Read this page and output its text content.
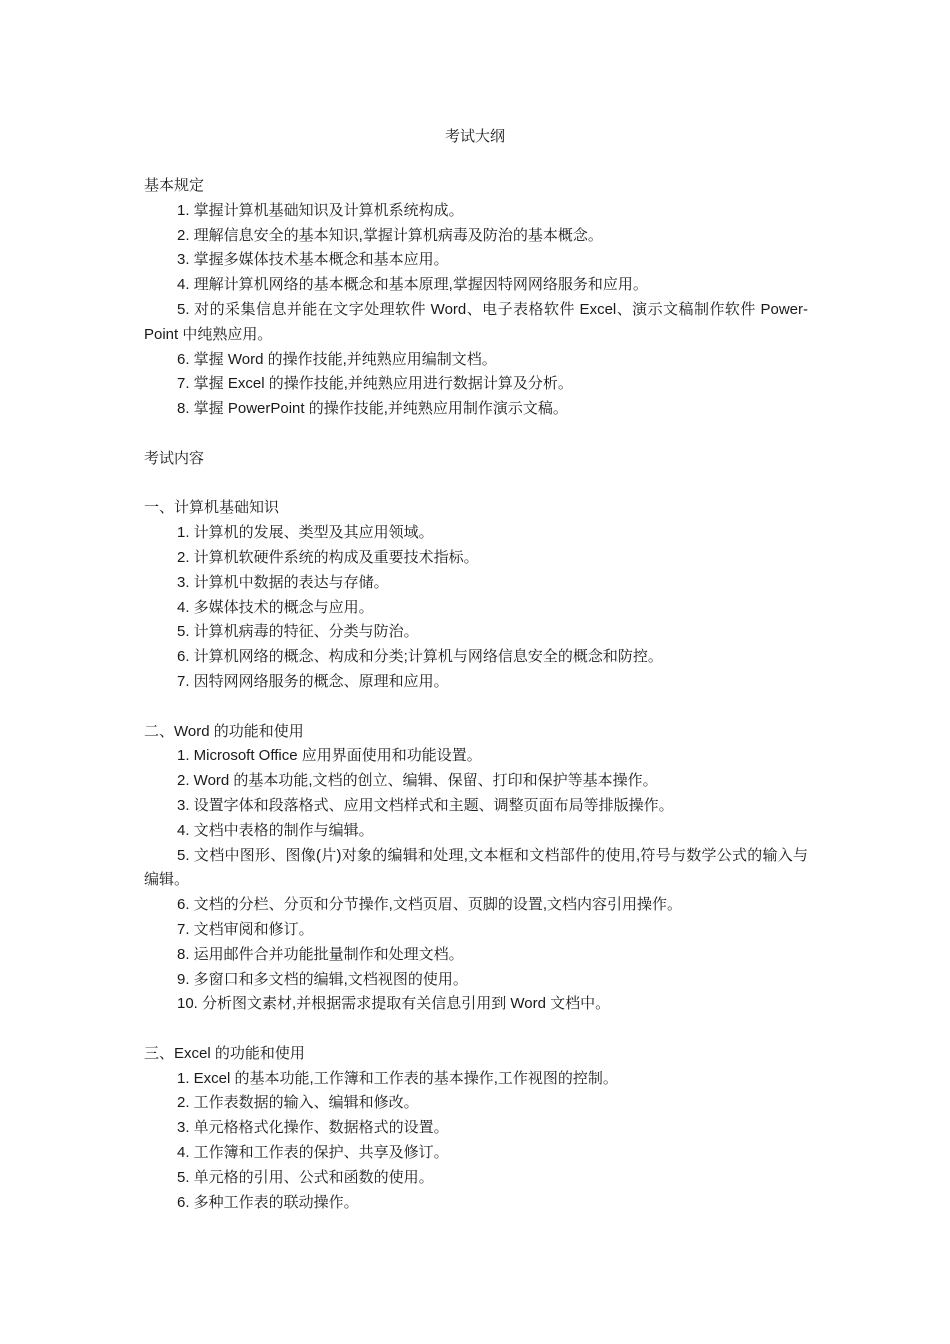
考试大纲
基本规定
1. 掌握计算机基础知识及计算机系统构成。
2. 理解信息安全的基本知识,掌握计算机病毒及防治的基本概念。
3. 掌握多媒体技术基本概念和基本应用。
4. 理解计算机网络的基本概念和基本原理,掌握因特网网络服务和应用。
5. 对的采集信息并能在文字处理软件 Word、电子表格软件 Excel、演示文稿制作软件 Power-Point 中纯熟应用。
6. 掌握 Word 的操作技能,并纯熟应用编制文档。
7. 掌握 Excel 的操作技能,并纯熟应用进行数据计算及分析。
8. 掌握 PowerPoint 的操作技能,并纯熟应用制作演示文稿。
考试内容
一、计算机基础知识
1. 计算机的发展、类型及其应用领域。
2. 计算机软硬件系统的构成及重要技术指标。
3. 计算机中数据的表达与存储。
4. 多媒体技术的概念与应用。
5. 计算机病毒的特征、分类与防治。
6. 计算机网络的概念、构成和分类;计算机与网络信息安全的概念和防控。
7. 因特网网络服务的概念、原理和应用。
二、Word 的功能和使用
1. Microsoft Office 应用界面使用和功能设置。
2. Word 的基本功能,文档的创立、编辑、保留、打印和保护等基本操作。
3. 设置字体和段落格式、应用文档样式和主题、调整页面布局等排版操作。
4. 文档中表格的制作与编辑。
5. 文档中图形、图像(片)对象的编辑和处理,文本框和文档部件的使用,符号与数学公式的输入与编辑。
6. 文档的分栏、分页和分节操作,文档页眉、页脚的设置,文档内容引用操作。
7. 文档审阅和修订。
8. 运用邮件合并功能批量制作和处理文档。
9. 多窗口和多文档的编辑,文档视图的使用。
10. 分析图文素材,并根据需求提取有关信息引用到 Word 文档中。
三、Excel 的功能和使用
1. Excel 的基本功能,工作簿和工作表的基本操作,工作视图的控制。
2. 工作表数据的输入、编辑和修改。
3. 单元格格式化操作、数据格式的设置。
4. 工作簿和工作表的保护、共享及修订。
5. 单元格的引用、公式和函数的使用。
6. 多种工作表的联动操作。
